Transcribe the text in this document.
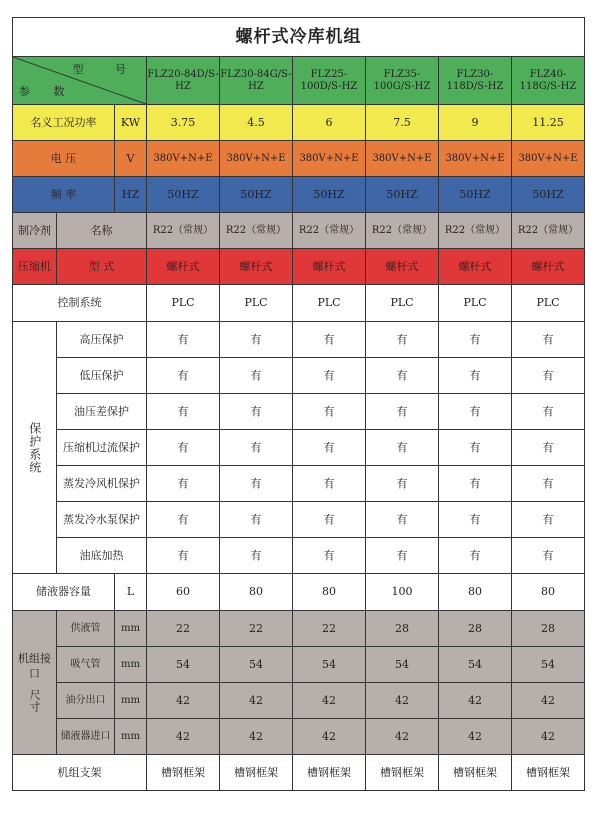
螺杆式冷库机组								

型 号
参 数			FLZ20-84D/S-HZ	FLZ30-84G/S-HZ	FLZ25-100D/S-HZ	FLZ35-100G/S-HZ	FLZ30-118D/S-HZ	FLZ40-118G/S-HZ
名义工况功率		KW	3.75	4.5	6	7.5	9	11.25
电 压		V	380V+N+E	380V+N+E	380V+N+E	380V+N+E	380V+N+E	380V+N+E
频 率		HZ	50HZ	50HZ	50HZ	50HZ	50HZ	50HZ
制冷剂	名称		R22（常规）	R22（常规）	R22（常规）	R22（常规）	R22（常规）	R22（常规）
压缩机	型 式		螺杆式	螺杆式	螺杆式	螺杆式	螺杆式	螺杆式
控制系统			PLC	PLC	PLC	PLC	PLC	PLC

保护系统	高压保护		有	有	有	有	有	有
	低压保护		有	有	有	有	有	有
	油压差保护		有	有	有	有	有	有
	压缩机过流保护		有	有	有	有	有	有
	蒸发冷风机保护		有	有	有	有	有	有
	蒸发冷水泵保护		有	有	有	有	有	有
	油底加热		有	有	有	有	有	有
储液器容量		L	60	80	80	100	80	80

机组接口
尺寸	供液管	mm	22	22	22	28	28	28
	吸气管	mm	54	54	54	54	54	54
	油分出口	mm	42	42	42	42	42	42
	储液器进口	mm	42	42	42	42	42	42
机组支架			槽钢框架	槽钢框架	槽钢框架	槽钢框架	槽钢框架	槽钢框架
